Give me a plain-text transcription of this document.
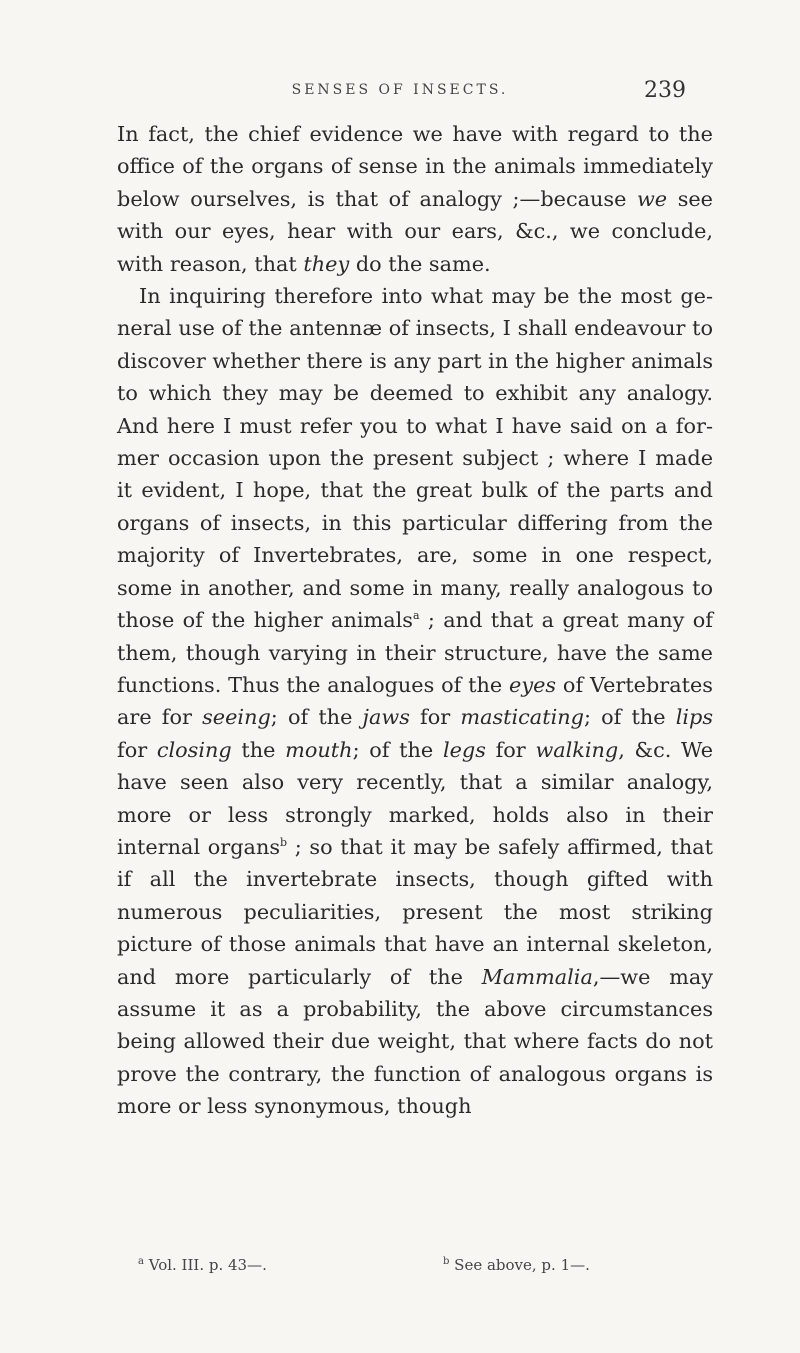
SENSES OF INSECTS.	239

In fact, the chief evidence we have with regard to the office of the organs of sense in the animals immediately below ourselves, is that of analogy ;—because we see with our eyes, hear with our ears, &c., we conclude, with reason, that they do the same.

In inquiring therefore into what may be the most general use of the antennæ of insects, I shall endeavour to discover whether there is any part in the higher animals to which they may be deemed to exhibit any analogy. And here I must refer you to what I have said on a former occasion upon the present subject ; where I made it evident, I hope, that the great bulk of the parts and organs of insects, in this particular differing from the majority of Invertebrates, are, some in one respect, some in another, and some in many, really analogous to those of the higher animals$^a$ ; and that a great many of them, though varying in their structure, have the same functions. Thus the analogues of the eyes of Vertebrates are for seeing; of the jaws for masticating; of the lips for closing the mouth; of the legs for walking, &c. We have seen also very recently, that a similar analogy, more or less strongly marked, holds also in their internal organs$^b$ ; so that it may be safely affirmed, that if all the invertebrate insects, though gifted with numerous peculiarities, present the most striking picture of those animals that have an internal skeleton, and more particularly of the Mammalia,—we may assume it as a probability, the above circumstances being allowed their due weight, that where facts do not prove the contrary, the function of analogous organs is more or less synonymous, though

$^a$ Vol. III. p. 43—.	$^b$ See above, p. 1—.
